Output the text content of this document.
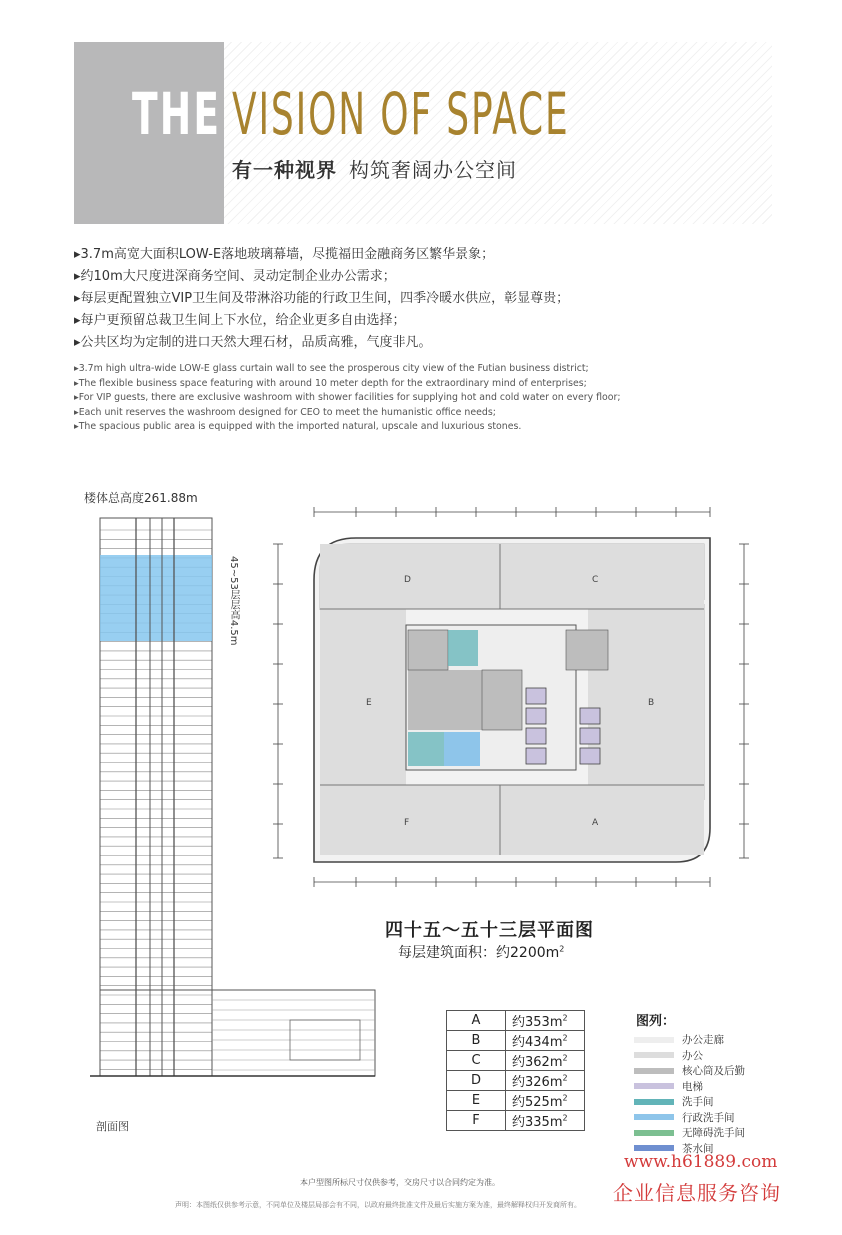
THE VISION OF SPACE
有一种视界 构筑奢阔办公空间
▸3.7m高宽大面积LOW-E落地玻璃幕墙，尽揽福田金融商务区繁华景象；
▸约10m大尺度进深商务空间、灵动定制企业办公需求；
▸每层更配置独立VIP卫生间及带淋浴功能的行政卫生间，四季冷暖水供应，彰显尊贵；
▸每户更预留总裁卫生间上下水位，给企业更多自由选择；
▸公共区均为定制的进口天然大理石材，品质高雅，气度非凡。
▸3.7m high ultra-wide LOW-E glass curtain wall to see the prosperous city view of the Futian business district;
▸The flexible business space featuring with around 10 meter depth for the extraordinary mind of enterprises;
▸For VIP guests, there are exclusive washroom with shower facilities for supplying hot and cold water on every floor;
▸Each unit reserves the washroom designed for CEO to meet the humanistic office needs;
▸The spacious public area is equipped with the imported natural, upscale and luxurious stones.
楼体总高度261.88m
45~53层层高4.5m
剖面图
D	C
E	B
F	A
四十五～五十三层平面图
每层建筑面积：约$2200m^2$
A	约$353m^2$
B	约$434m^2$
C	约$362m^2$
D	约$326m^2$
E	约$525m^2$
F	约$335m^2$
图列：
办公走廊
办公
核心筒及后勤
电梯
洗手间
行政洗手间
无障碍洗手间
茶水间
本户型图所标尺寸仅供参考，交房尺寸以合同约定为准。
声明：本图纸仅供参考示意，不同单位及楼层局部会有不同，以政府最终批准文件及最后实施方案为准，最终解释权归开发商所有。
www.h61889.com
企业信息服务咨询
